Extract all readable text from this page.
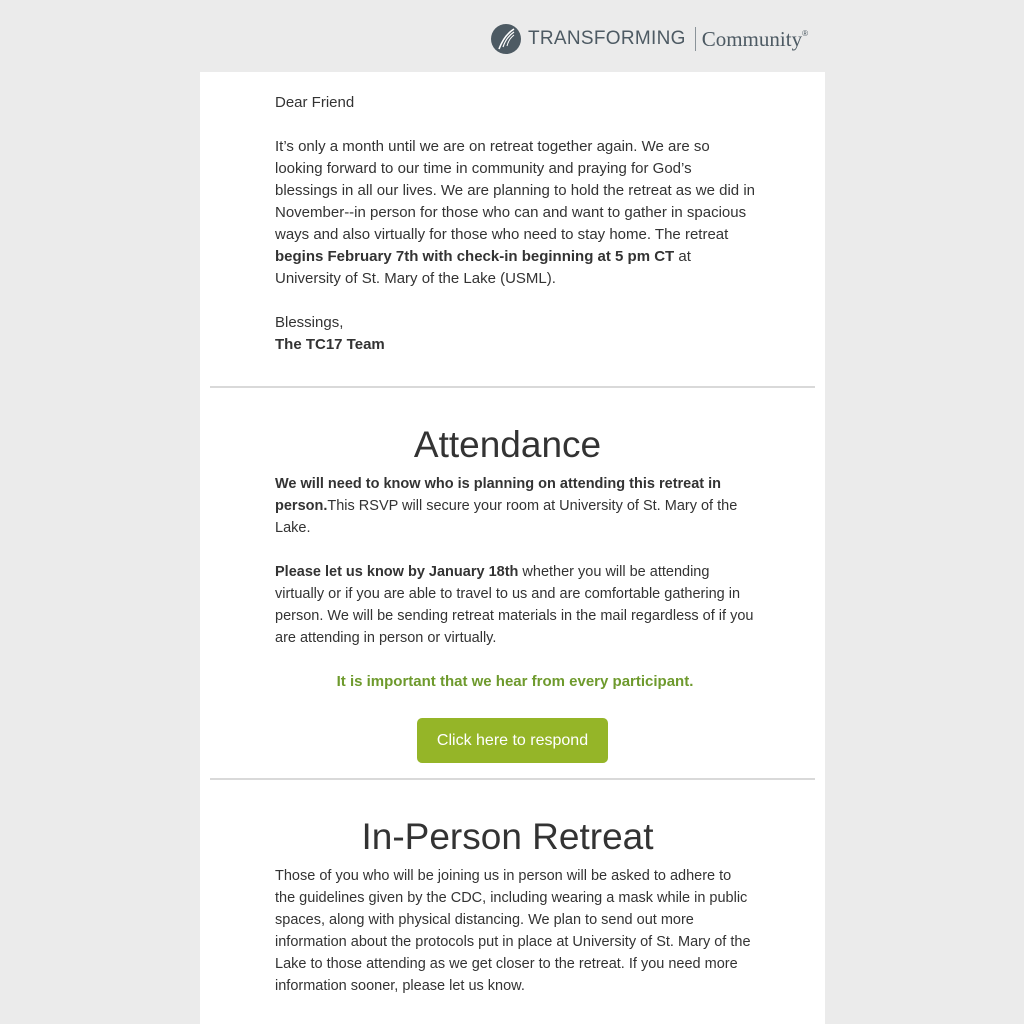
TRANSFORMING Community ®

Dear Friend

It’s only a month until we are on retreat together again. We are so looking forward to our time in community and praying for God’s blessings in all our lives. We are planning to hold the retreat as we did in November--in person for those who can and want to gather in spacious ways and also virtually for those who need to stay home. The retreat begins February 7th with check-in beginning at 5 pm CT at University of St. Mary of the Lake (USML).

Blessings,

The TC17 Team

Attendance

We will need to know who is planning on attending this retreat in person.This RSVP will secure your room at University of St. Mary of the Lake.

Please let us know by January 18th whether you will be attending virtually or if you are able to travel to us and are comfortable gathering in person. We will be sending retreat materials in the mail regardless of if you are attending in person or virtually.

It is important that we hear from every participant.

Click here to respond
In-Person Retreat

Those of you who will be joining us in person will be asked to adhere to the guidelines given by the CDC, including wearing a mask while in public spaces, along with physical distancing. We plan to send out more information about the protocols put in place at University of St. Mary of the Lake to those attending as we get closer to the retreat. If you need more information sooner, please let us know.
